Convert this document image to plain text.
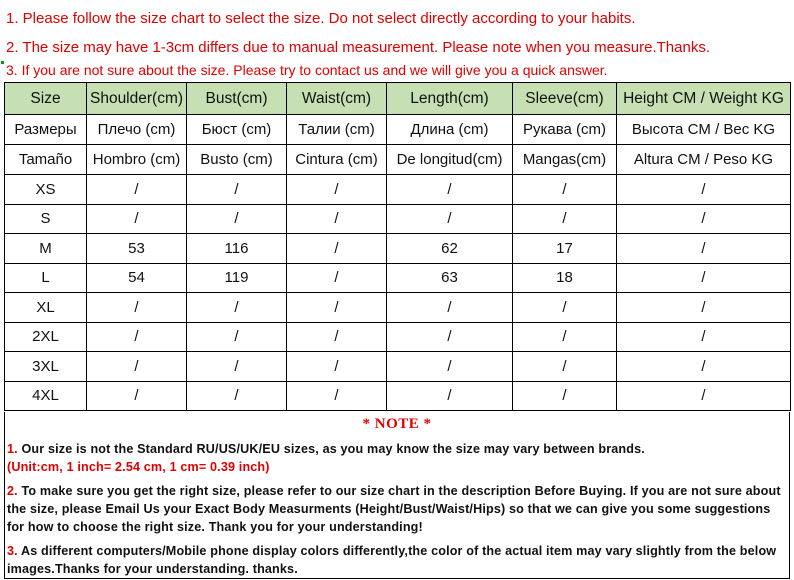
1. Please follow the size chart to select the size. Do not select directly according to your habits.
2. The size may have 1-3cm differs due to manual measurement. Please note when you measure.Thanks.
3. If you are not sure about the size. Please try to contact us and we will give you a quick answer.
Size	Shoulder(cm)	Bust(cm)	Waist(cm)	Length(cm)	Sleeve(cm)	Height CM / Weight KG
Размеры	Плечо (cm)	Бюст (cm)	Талии (cm)	Длина (cm)	Рукава (cm)	Высота CM / Вес KG
Tamaño	Hombro (cm)	Busto (cm)	Cintura (cm)	De longitud(cm)	Mangas(cm)	Altura CM / Peso KG
XS	/	/	/	/	/	/
S	/	/	/	/	/	/
M	53	116	/	62	17	/
L	54	119	/	63	18	/
XL	/	/	/	/	/	/
2XL	/	/	/	/	/	/
3XL	/	/	/	/	/	/
4XL	/	/	/	/	/	/
* NOTE *

1. Our size is not the Standard RU/US/UK/EU sizes, as you may know the size may vary between brands.
(Unit:cm, 1 inch= 2.54 cm, 1 cm= 0.39 inch)

2. To make sure you get the right size, please refer to our size chart in the description Before Buying. If you are not sure about the size, please Email Us your Exact Body Measurments (Height/Bust/Waist/Hips) so that we can give you some suggestions for how to choose the right size. Thank you for your understanding!

3. As different computers/Mobile phone display colors differently,the color of the actual item may vary slightly from the below images.Thanks for your understanding. thanks.
